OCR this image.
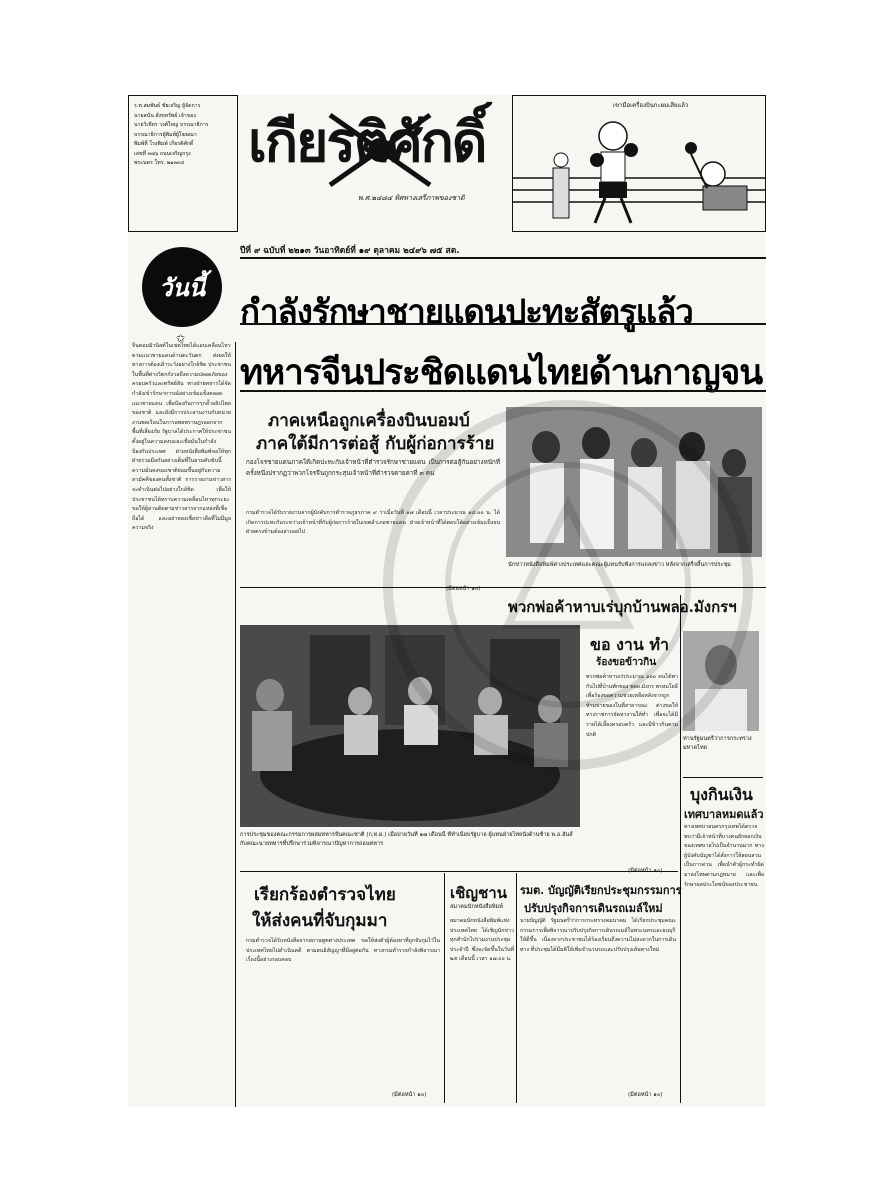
ร.ท.สมพันธ์ ชัยเจริญ ผู้จัดการ
นายสนั่น สังขทรัพย์ เจ้าของ
นายวิเชียร วงศ์ใหญ่ บรรณาธิการ
บรรณาธิการผู้พิมพ์ผู้โฆษณา
พิมพ์ที่ โรงพิมพ์ เกียรติศักดิ์
เลขที่ ๓๗๖ ถนนเจริญกรุง
พระนคร โทร. ๒๑๓๓๔	เกียรติศักดิ์
พ.ศ.๒๔๘๔ ทิศทางเสรีภาพของชาติ
เขามือเครื่องบินกะผมเสียแล้ว
ปีที่ ๙ ฉบับที่ ๒๒๑๓ วันอาทิตย์ที่ ๑๙ ตุลาคม ๒๔๙๖ ๗๕ สต.
กำลังรักษาชายแดนปะทะสัตรูแล้ว
ทหารจีนประชิดแดนไทยด้านกาญจน
จีนคอมมิวนิสต์ในเขตไทยได้แอบเคลื่อนไหวตามแนวชายแดนด้านตะวันตก ส่งผลให้ทางการต้องเฝ้าระวังอย่างใกล้ชิด ประชาชนในพื้นที่ต่างวิตกกังวลถึงความปลอดภัยของครอบครัวและทรัพย์สิน ทางฝ่ายทหารได้จัดกำลังเข้ารักษาการณ์อย่างเข้มแข็งตลอดแนวชายแดน เพื่อป้องกันการรุกล้ำอธิปไตยของชาติ และยังมีการประสานงานกับหน่วยงานพลเรือนในการอพยพราษฎรออกจากพื้นที่เสี่ยงภัย รัฐบาลได้ประกาศให้ประชาชนตั้งอยู่ในความสงบและเชื่อมั่นในกำลังป้องกันประเทศ ฝ่ายหนังสือพิมพ์ขอให้ทุกฝ่ายร่วมมือกันอย่างเต็มที่ในยามคับขันนี้ ความมั่นคงของชาติย่อมขึ้นอยู่กับความสามัคคีของคนทั้งชาติ การรายงานข่าวสารจะดำเนินต่อไปอย่างใกล้ชิด เพื่อให้ประชาชนได้ทราบความเคลื่อนไหวทุกระยะ ขอให้ผู้อ่านติดตามข่าวสารจากแหล่งที่เชื่อถือได้ และอย่าหลงเชื่อข่าวลือที่ไม่มีมูลความจริง
วันนี้
✩
ภาคเหนือถูกเครื่องบินบอมบ์
ภาคใต้มีการต่อสู้ กับผู้ก่อการร้าย
กองโจรชายแดนภาคใต้เกิดปะทะกับเจ้าหน้าที่ตำรวจรักษาชายแดน เป็นการต่อสู้กันอย่างหนักที่ครั้งหนึ่งปรากฏว่าพวกโจรจีนถูกกระสุนเจ้าหน้าที่ตำรวจตายคาที่ ๓ คน
กรมตำรวจได้รับรายงานจากผู้บังคับการตำรวจภูธรภาค ๙ ว่าเมื่อวันที่ ๑๗ เดือนนี้ เวลาประมาณ ๑๔.๐๐ น. ได้เกิดการปะทะกันระหว่างเจ้าหน้าที่กับผู้ก่อการร้ายในเขตอำเภอชายแดน ฝ่ายเจ้าหน้าที่ได้ตอบโต้อย่างเข้มแข็งจนฝ่ายตรงข้ามต้องล่าถอยไป
(มีต่อหน้า ๑๐)
นักข่าวหนังสือพิมพ์ต่างประเทศและคณะผู้แทนรับฟังการแถลงข่าว หลังจากเสร็จสิ้นการประชุม
พวกพ่อค้าหาบเร่บุกบ้านพลอ.มังกรฯ
การประชุมของคณะกรรมการผสมทหารจีนคณะชาติ (ก.ท.ผ.) เมื่อบ่ายวันที่ ๑๗ เดือนนี้ ที่ทำเนียบรัฐบาล ผู้แทนฝ่ายไทยนั่งด้านซ้าย พ.อ.ฮันส์ กับคณะนายทหารที่ปรึกษาร่วมพิจารณาปัญหาการถอนทหาร
ขอ งาน ทำ
ร้องขอข้าวกิน
พวกพ่อค้าหาบเร่ประมาณ ๑๐๐ คนได้พากันไปที่บ้านพักของ พลอ.มังกร พรหมโยธี เพื่อร้องขอความช่วยเหลือหลังจากถูกห้ามขายของในที่สาธารณะ ต่างขอให้ทางราชการจัดหางานให้ทำ เพื่อจะได้มีรายได้เลี้ยงครอบครัว และมีข้าวกินตามปกติ
(มีต่อหน้า ๑๐)
ท่านรัฐมนตรีว่าการกระทรวงมหาดไทย
บุงกินเงิน
เทศบาลหมดแล้ว
ทางเทศบาลนครกรุงเทพได้ตรวจพบว่ามีเจ้าหน้าที่บางคนยักยอกเงินของเทศบาลไปเป็นจำนวนมาก ทางผู้บังคับบัญชาได้สั่งการให้สอบสวนเป็นการด่วน เพื่อนำตัวผู้กระทำผิดมาลงโทษตามกฎหมาย และเพื่อรักษาผลประโยชน์ของประชาชน
เรียกร้องตำรวจไทย
ให้ส่งคนที่จับกุมมา
กรมตำรวจได้รับหนังสือจากสถานทูตต่างประเทศ ขอให้ส่งตัวผู้ต้องหาที่ถูกจับกุมไว้ในประเทศไทยไปดำเนินคดี ตามสนธิสัญญาที่มีอยู่ต่อกัน ทางกรมตำรวจกำลังพิจารณาเรื่องนี้อย่างรอบคอบ
(มีต่อหน้า ๑๐)
เชิญชาน
สมาคมนักหนังสือพิมพ์
สมาคมนักหนังสือพิมพ์แห่งประเทศไทย ได้เชิญนักข่าวทุกสำนักไปร่วมงานประชุมประจำปี ซึ่งจะจัดขึ้นในวันที่ ๒๕ เดือนนี้ เวลา ๑๗.๐๐ น.
รมต. บัญญัติเรียกประชุมกรรมการ
ปรับปรุงกิจการเดินรถเมล์ใหม่
นายบัญญัติ รัฐมนตรีว่าการกระทรวงคมนาคม ได้เรียกประชุมคณะกรรมการเพื่อพิจารณาปรับปรุงกิจการเดินรถเมล์ในพระนครและธนบุรีให้ดีขึ้น เนื่องจากประชาชนได้ร้องเรียนถึงความไม่สะดวกในการเดินทาง ที่ประชุมได้มีมติให้เพิ่มจำนวนรถและปรับปรุงเส้นทางใหม่
(มีต่อหน้า ๑๐)
